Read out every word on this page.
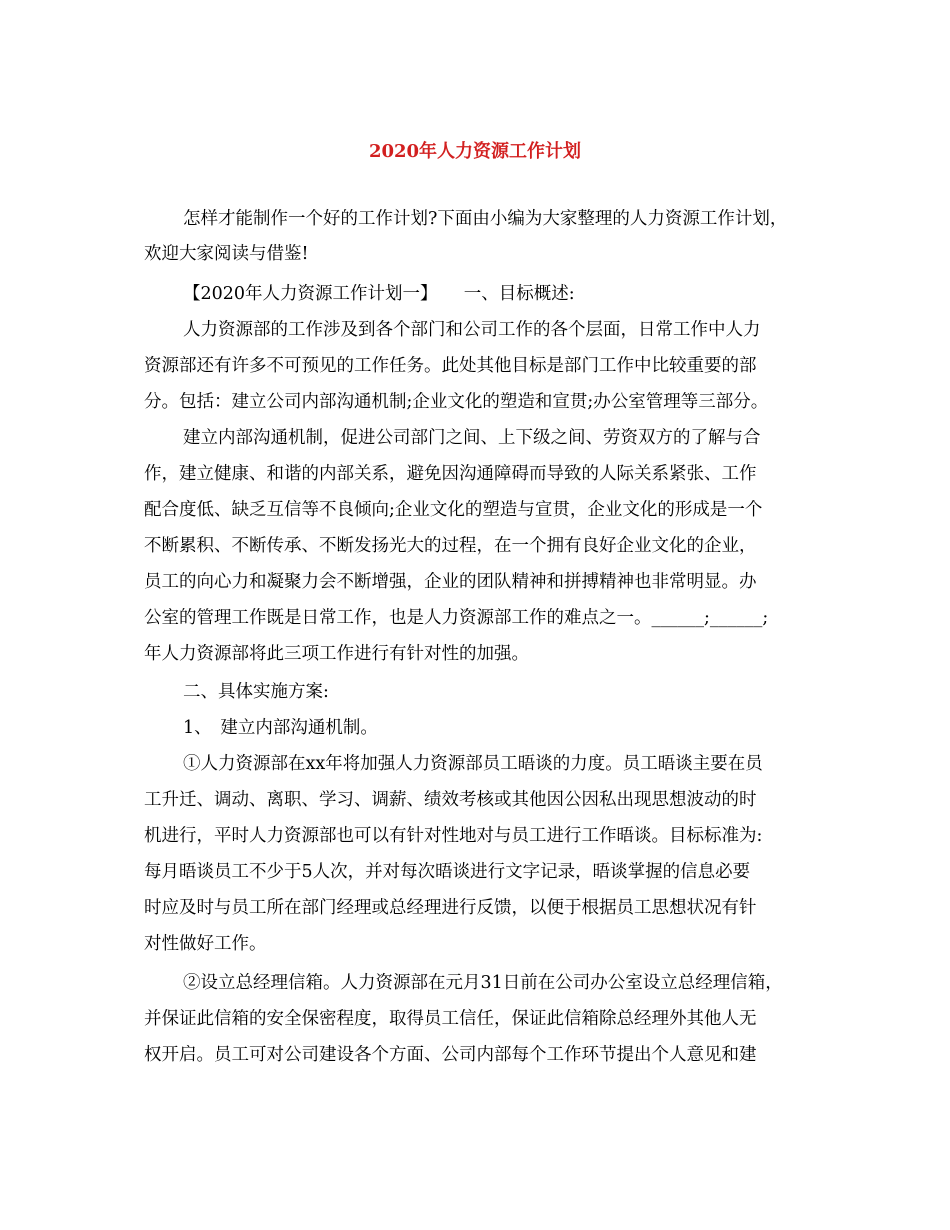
2020年人力资源工作计划
怎样才能制作一个好的工作计划?下面由小编为大家整理的人力资源工作计划，
欢迎大家阅读与借鉴!
【2020年人力资源工作计划一】　　一、目标概述:
人力资源部的工作涉及到各个部门和公司工作的各个层面，日常工作中人力
资源部还有许多不可预见的工作任务。此处其他目标是部门工作中比较重要的部
分。包括：建立公司内部沟通机制;企业文化的塑造和宣贯;办公室管理等三部分。
建立内部沟通机制，促进公司部门之间、上下级之间、劳资双方的了解与合
作，建立健康、和谐的内部关系，避免因沟通障碍而导致的人际关系紧张、工作
配合度低、缺乏互信等不良倾向;企业文化的塑造与宣贯，企业文化的形成是一个
不断累积、不断传承、不断发扬光大的过程，在一个拥有良好企业文化的企业，
员工的向心力和凝聚力会不断增强，企业的团队精神和拼搏精神也非常明显。办
公室的管理工作既是日常工作，也是人力资源部工作的难点之一。______;______;
年人力资源部将此三项工作进行有针对性的加强。
二、具体实施方案:
1、　建立内部沟通机制。
①人力资源部在xx年将加强人力资源部员工晤谈的力度。员工晤谈主要在员
工升迁、调动、离职、学习、调薪、绩效考核或其他因公因私出现思想波动的时
机进行，平时人力资源部也可以有针对性地对与员工进行工作晤谈。目标标准为:
每月晤谈员工不少于5人次，并对每次晤谈进行文字记录，晤谈掌握的信息必要
时应及时与员工所在部门经理或总经理进行反馈，以便于根据员工思想状况有针
对性做好工作。
②设立总经理信箱。人力资源部在元月31日前在公司办公室设立总经理信箱，
并保证此信箱的安全保密程度，取得员工信任，保证此信箱除总经理外其他人无
权开启。员工可对公司建设各个方面、公司内部每个工作环节提出个人意见和建
